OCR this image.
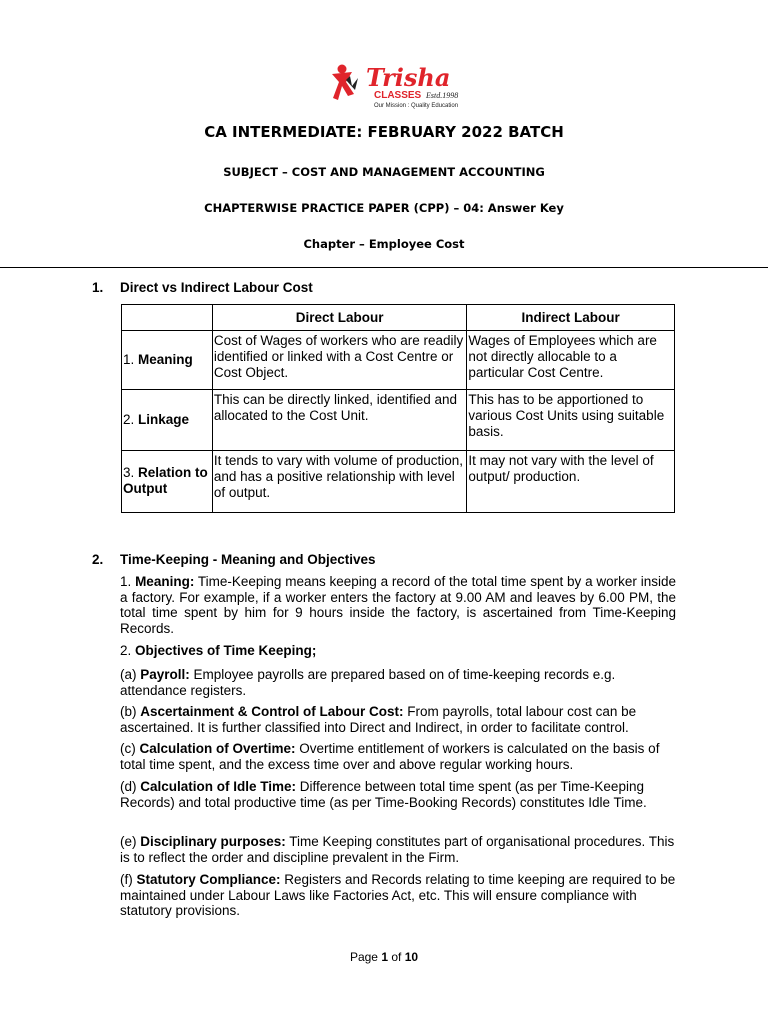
Trisha
CLASSES Estd.1998
Our Mission : Quality Education
CA INTERMEDIATE: FEBRUARY 2022 BATCH
SUBJECT – COST AND MANAGEMENT ACCOUNTING
CHAPTERWISE PRACTICE PAPER (CPP) – 04: Answer Key
Chapter – Employee Cost
1. Direct vs Indirect Labour Cost
	Direct Labour	Indirect Labour
1. Meaning	Cost of Wages of workers who are readily identified or linked with a Cost Centre or Cost Object.	Wages of Employees which are not directly allocable to a particular Cost Centre.
2. Linkage	This can be directly linked, identified and allocated to the Cost Unit.	This has to be apportioned to various Cost Units using suitable basis.
3. Relation to Output	It tends to vary with volume of production, and has a positive relationship with level of output.	It may not vary with the level of output/ production.
2. Time-Keeping - Meaning and Objectives
1. Meaning: Time-Keeping means keeping a record of the total time spent by a worker inside a factory. For example, if a worker enters the factory at 9.00 AM and leaves by 6.00 PM, the total time spent by him for 9 hours inside the factory, is ascertained from Time-Keeping Records.
2. Objectives of Time Keeping;
(a) Payroll: Employee payrolls are prepared based on of time-keeping records e.g. attendance registers.
(b) Ascertainment & Control of Labour Cost: From payrolls, total labour cost can be ascertained. It is further classified into Direct and Indirect, in order to facilitate control.
(c) Calculation of Overtime: Overtime entitlement of workers is calculated on the basis of total time spent, and the excess time over and above regular working hours.
(d) Calculation of Idle Time: Difference between total time spent (as per Time-Keeping Records) and total productive time (as per Time-Booking Records) constitutes Idle Time.
(e) Disciplinary purposes: Time Keeping constitutes part of organisational procedures. This is to reflect the order and discipline prevalent in the Firm.
(f) Statutory Compliance: Registers and Records relating to time keeping are required to be maintained under Labour Laws like Factories Act, etc. This will ensure compliance with statutory provisions.
Page 1 of 10
